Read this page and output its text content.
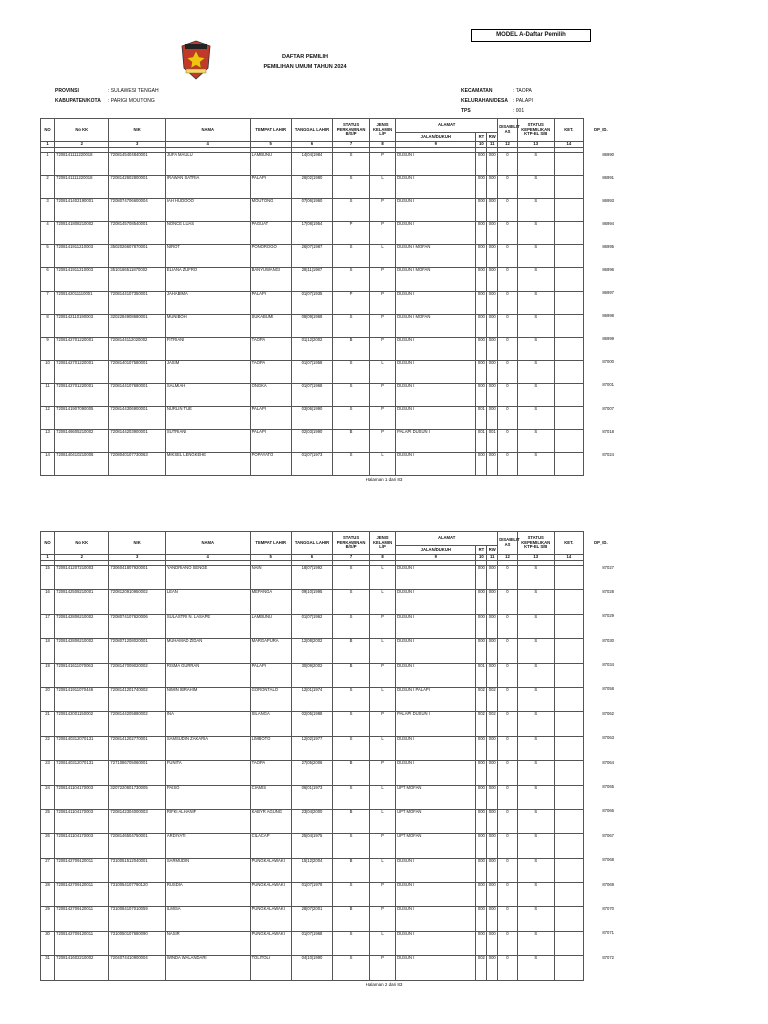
MODEL A-Daftar Pemilih
DAFTAR PEMILIH
PEMILIHAN UMUM TAHUN 2024
PROVINSI	: SULAWESI TENGAH
KABUPATEN/KOTA : PARIGI MOUTONG
KECAMATAN	: TAOPA
KELURAHAN/DESA : PALAPI
TPS	: 001
NO	No KK	NIK	NAMA	TEMPAT LAHIR	TANGGAL LAHIR	STATUS PERKAWINAN B/S/P	JENIS KELAMIN L/P	ALAMAT			DISABILIT AS	STATUS KEPEMILIKAN KTP-EL S/B	KET.		DP_ID.
								JALAN/DUKUH	RT	RW					
1	2	3	4	5	6	7	8	9	10	11	12	13	14		

1	7208141111220018	7208145404840001	JUFA MAULU	LAMBUNU	14|04|1984	S	P	DUSUN I	000	000	0	S			86990
2	7208141111220018	7208142602800001	IRAWAN SATRIA	PALAPI	26|02|1980	S	L	DUSUN I	000	000	0	S			86991
3	7208141402190001	7208074706600004	IAH HUDOOO	MOUTONG	07|06|1960	S	P	DUSUN I	000	000	0	S			86993
4	7208141808210002	7208145708540001	NONCE LUAS	PAGUAT	17|08|1954	P	P	DUSUN I	000	000	0	S			86994
5	7208141911210003	3502026607870001	NIROT	PONOROGO	26|07|1987	S	L	DUSUN I MOFAN	000	000	0	S			86995
6	7208141911210003	3510166511870002	ELIANA ZUFRO	BANYUWANGI	28|11|1987	S	P	DUSUN I MOFAN	000	000	0	S			86996
7	7208142011110001	7208144107350001	JAHABIMA	PALAPI	01|07|1935	P	P	DUSUN I	000	000	0	S			86997
8	7208142110190003	3202284908680001	MUNIBOH	SUKABUMI	08|09|1968	S	P	DUSUN I MOFAN	000	000	0	S			86998
9	7208142701220001	7208144112020002	FITRIANI	TAOPA	01|12|2002	B	P	DUSUN I	000	000	0	S			86999
10	7208142701220001	7208140107580001	JASIM	TAOPA	01|07|1958	S	L	DUSUN I	000	000	0	S			87000
11	7208142701220001	7208144107680001	SALMIAH	ONGKA	01|07|1968	S	P	DUSUN I	000	000	0	S			87001
12	7208141907090005	7208144306900001	NURLIN TUE	PALAPI	03|06|1990	S	P	DUSUN I	001	000	0	S			87007
13	7208146605210002	7208144203900001	SUTRIANI	PALAPI	02|03|1990	B	P	PALAPI DUSUN I	001	001	0	S			87018
14	7208140410210006	7208040107730063	MIKSEL LENGKEHE	POPAYATO	01|07|1973	S	L	DUSUN I	000	000	0	S			87024
Halaman 1 dari 83
NO	No KK	NIK	NAMA	TEMPAT LAHIR	TANGGAL LAHIR	STATUS PERKAWINAN B/S/P	JENIS KELAMIN L/P	ALAMAT			DISABILIT AS	STATUS KEPEMILIKAN KTP-EL S/B	KET.		DP_ID.
								JALAN/DUKUH	RT	RW					
1	2	3	4	5	6	7	8	9	10	11	12	13	14		

15	7208141207210003	7306041807920001	YANDRIANO SENGE	NAIN	18|07|1992	S	L	DUSUN I	000	000	0	S			87027
16	7208142508210001	7208120910950002	LEAN	MEPANGA	09|10|1995	S	L	DUSUN I	000	000	0	S			87028
17	7208142806210002	7208074107620006	SULASTRI N. LASAPE	LAMBUNU	01|07|1962	S	P	DUSUN I	000	000	0	S			87029
18	7208142806210002	7208071208020001	MUHAMAD ZIDAN	MARGAPURA	12|08|2002	B	L	DUSUN I	000	000	0	S			87030
19	7208141611070063	7208147009020002	RISMA GURRAN	PALAPI	30|09|2002	B	P	DUSUN I	001	000	0	S			87034
20	7208141911070446	7208141201740002	NIMIN IBRAHIM	GORONTALO	12|01|1974	S	L	DUSUN I PALAPI	002	002	0	S			87058
21	7208142001150002	7208144205880002	INA	SILANGA	02|05|1988	S	P	PALAPI DUSUN I	002	002	0	S			87062
22	7208140312070131	7208141202770001	SAMSUDIN ZAKARIA	LIMBOTO	12|02|1977	S	L	DUSUN I	000	000	0	S			87063
23	7208140312070131	7271086705060001	FUNITA	TAOPA	27|05|2006	B	P	DUSUN I	000	000	0	S			87064
24	7208141104170003	3207220601730005	PAISO	CIAMIS	06|01|1973	S	L	UPT MOFAN	000	000	0	S			87065
25	7208141104170003	7208142304000003	RIFKI ALHANIF	KABYR AGUNG	23|04|2000	B	L	UPT MOFAN	000	000	0	S			87066
26	7208141104170003	7208146504750001	ARDIYATI	CILACAP	25|04|1975	S	P	UPT MOFAN	000	000	0	S			87067
27	7208142709120011	7310051512040001	SARMUDIN	PUNGKALAWAKI	15|12|2004	B	L	DUSUN I	000	000	0	S			87068
28	7208142709120011	7310054107780120	RUSDIA	PUNGKALAWAKI	01|07|1978	S	P	DUSUN I	000	000	0	S			87069
29	7208142709120011	7310084107010059	ILMISA	PUNGKALAWAKI	28|07|2001	B	P	DUSUN I	000	000	0	S			87070
30	7208142709120011	7310050107680090	NASIR	PUNGKALAWAKI	01|07|1968	S	L	DUSUN I	000	000	0	S			87071
31	7208141602210002	7204074410900004	WINDA WALANDARI	TOLITOLI	04|10|1990	S	P	DUSUN I	002	000	0	S			87072
Halaman 2 dari 83
